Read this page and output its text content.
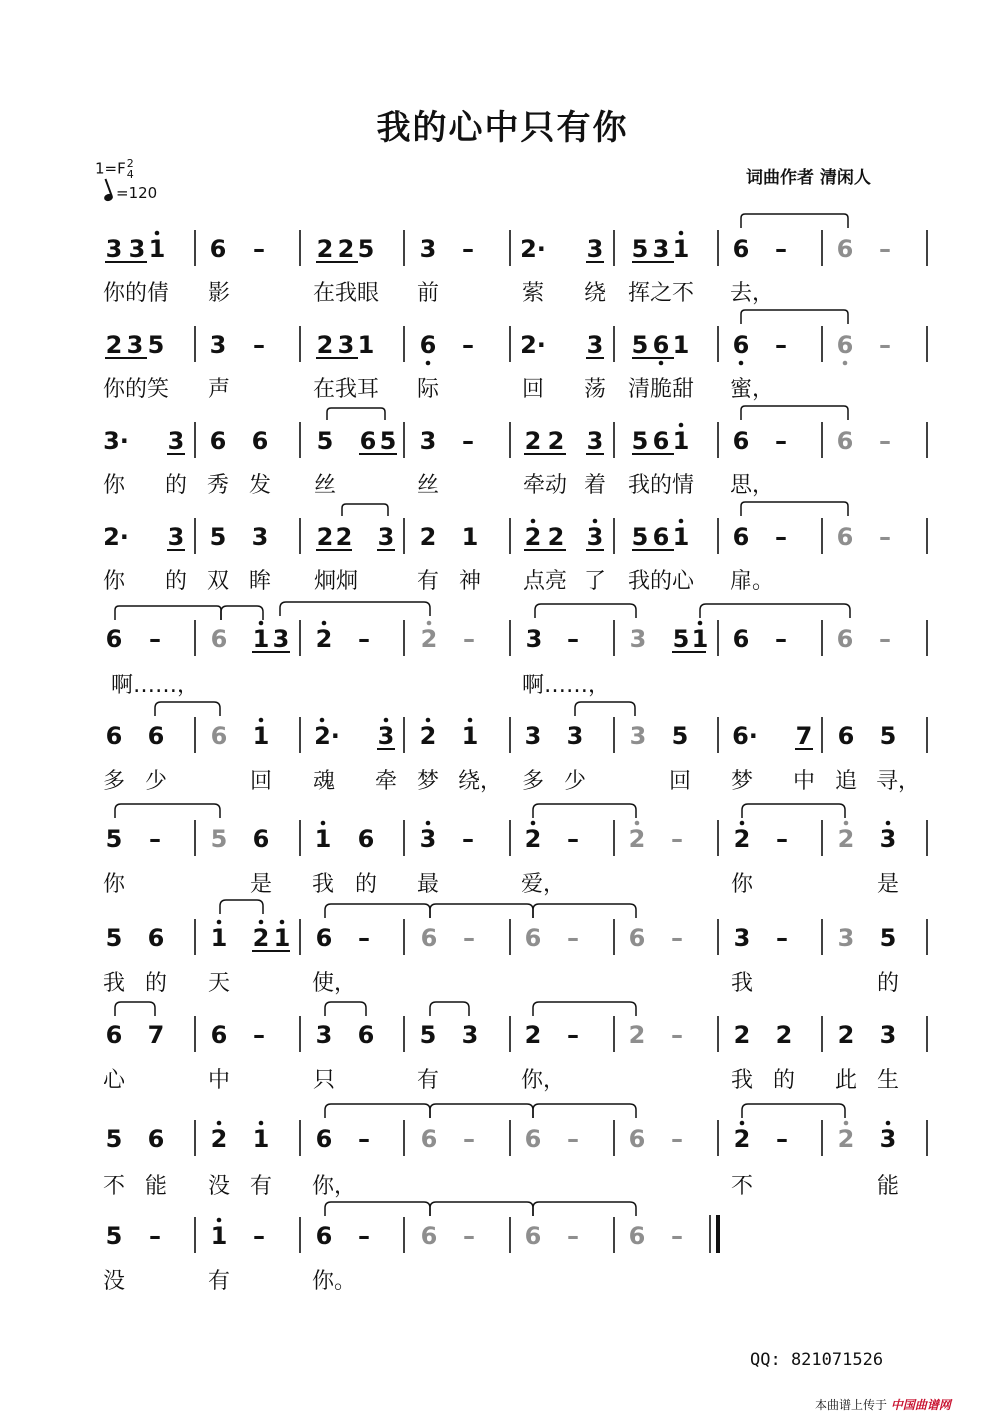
我的心中只有你
1=F 2
4
=120
词曲作者 清闲人
3 3 1 6 – 2 2 5 3 – 2· 3 5 3 1 6 – 6 –
2 3 5 3 – 2 3 1 6 – 2· 3 5 6 1 6 – 6 –
3· 3 6 6 5 6 5 3 – 2 2 3 5 6 1 6 – 6 –
2· 3 5 3 2 2 3 2 1 2 2 3 5 6 1 6 – 6 –
6 – 6 1 3 2 – 2 – 3 – 3 5 1 6 – 6 –
6 6 6 1 2· 3 2 1 3 3 3 5 6· 7 6 5
5 – 5 6 1 6 3 – 2 – 2 – 2 – 2 3
5 6 1 2 1 6 – 6 – 6 – 6 – 3 – 3 5
6 7 6 – 3 6 5 3 2 – 2 – 2 2 2 3
5 6 2 1 6 – 6 – 6 – 6 – 2 – 2 3
5 – 1 – 6 – 6 – 6 – 6 –
你的倩 影	在我眼 前	萦 绕 挥之不 去，
你的笑 声	在我耳 际	回 荡 清脆甜 蜜，
你 的 秀 发 丝	丝	牵动 着 我的情 思，
你 的 双 眸 炯炯	有 神 点亮 了 我的心 扉。
啊……，	啊……，
多 少	回 魂 牵 梦 绕， 多 少	回 梦 中 追 寻，
你	是 我 的 最	爱，	你	是
我 的 天	使，	我	的
心	中	只	有	你，	我 的 此 生
不 能 没 有 你，	不	能
没	有	你。
QQ: 821071526
本曲谱上传于 中国曲谱网
